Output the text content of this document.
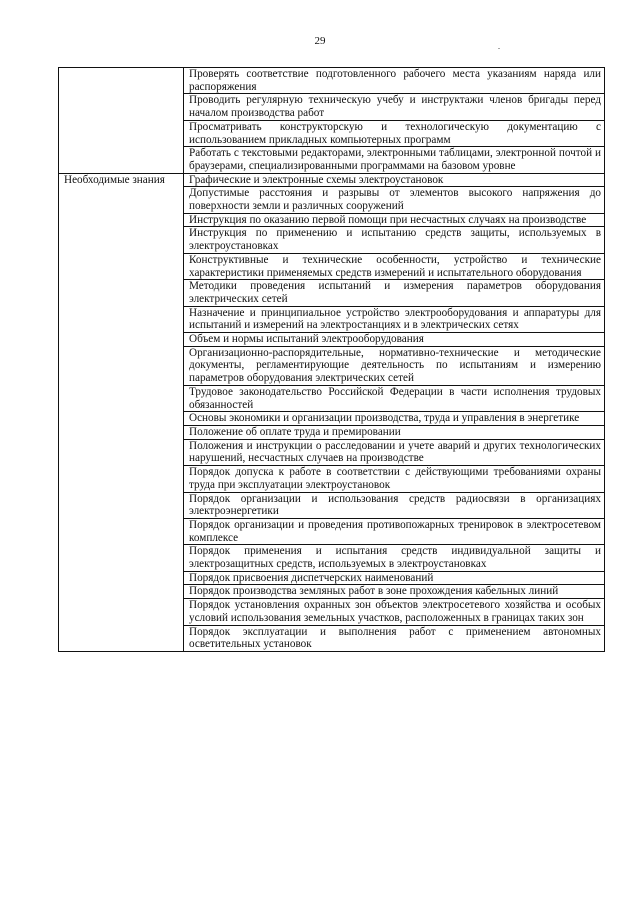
29	.
	Проверять соответствие подготовленного рабочего места указаниям наряда или распоряжения
	Проводить регулярную техническую учебу и инструктажи членов бригады перед началом производства работ
	Просматривать конструкторскую и технологическую документацию с использованием прикладных компьютерных программ
	Работать с текстовыми редакторами, электронными таблицами, электронной почтой и браузерами, специализированными программами на базовом уровне
Необходимые знания	Графические и электронные схемы электроустановок
	Допустимые расстояния и разрывы от элементов высокого напряжения до поверхности земли и различных сооружений
	Инструкция по оказанию первой помощи при несчастных случаях на производстве
	Инструкция по применению и испытанию средств защиты, используемых в электроустановках
	Конструктивные и технические особенности, устройство и технические характеристики применяемых средств измерений и испытательного оборудования
	Методики проведения испытаний и измерения параметров оборудования электрических сетей
	Назначение и принципиальное устройство электрооборудования и аппаратуры для испытаний и измерений на электростанциях и в электрических сетях
	Объем и нормы испытаний электрооборудования
	Организационно-распорядительные, нормативно-технические и методические документы, регламентирующие деятельность по испытаниям и измерению параметров оборудования электрических сетей
	Трудовое законодательство Российской Федерации в части исполнения трудовых обязанностей
	Основы экономики и организации производства, труда и управления в энергетике
	Положение об оплате труда и премировании
	Положения и инструкции о расследовании и учете аварий и других технологических нарушений, несчастных случаев на производстве
	Порядок допуска к работе в соответствии с действующими требованиями охраны труда при эксплуатации электроустановок
	Порядок организации и использования средств радиосвязи в организациях электроэнергетики
	Порядок организации и проведения противопожарных тренировок в электросетевом комплексе
	Порядок применения и испытания средств индивидуальной защиты и электрозащитных средств, используемых в электроустановках
	Порядок присвоения диспетчерских наименований
	Порядок производства земляных работ в зоне прохождения кабельных линий
	Порядок установления охранных зон объектов электросетевого хозяйства и особых условий использования земельных участков, расположенных в границах таких зон
	Порядок эксплуатации и выполнения работ с применением автономных осветительных установок
